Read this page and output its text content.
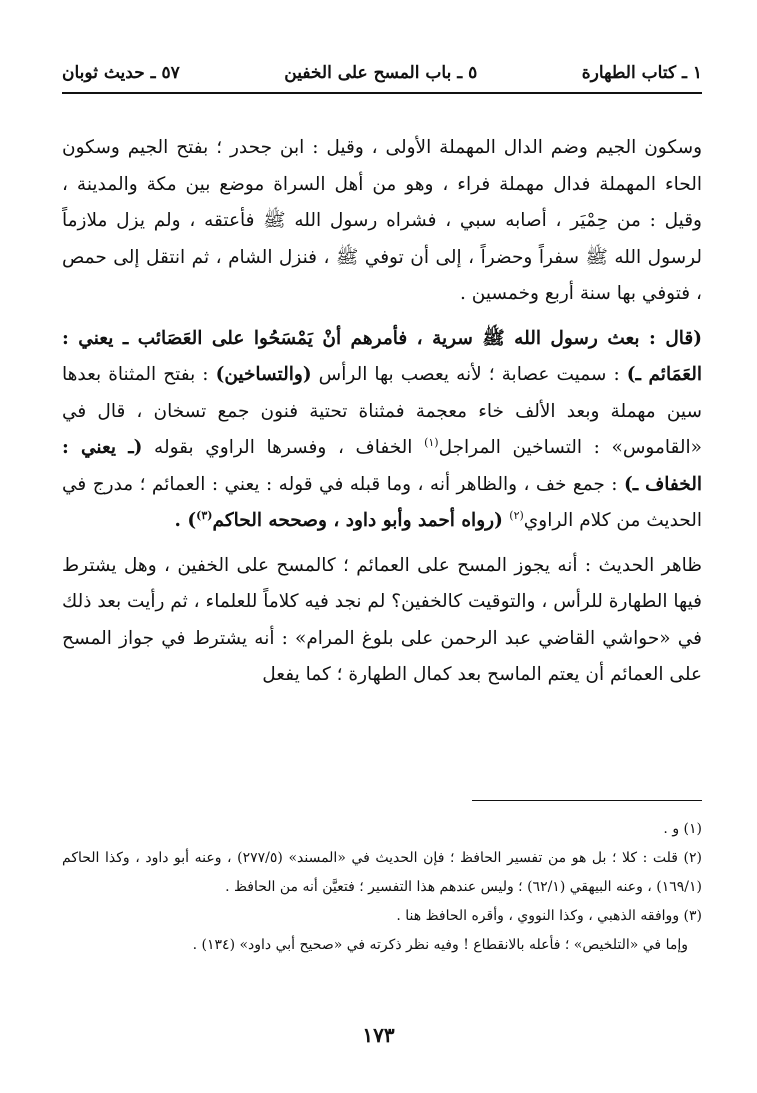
١ ـ كتاب الطهارة
٥ ـ باب المسح على الخفين
٥٧ ـ حديث ثوبان

وسكون الجيم وضم الدال المهملة الأولى ، وقيل : ابن جحدر ؛ بفتح الجيم وسكون الحاء المهملة فدال مهملة فراء ، وهو من أهل السراة موضع بين مكة والمدينة ، وقيل : من حِمْيَر ، أصابه سبي ، فشراه رسول الله ﷺ فأعتقه ، ولم يزل ملازماً لرسول الله ﷺ سفراً وحضراً ، إلى أن توفي ﷺ ، فنزل الشام ، ثم انتقل إلى حمص ، فتوفي بها سنة أربع وخمسين .

(قال : بعث رسول الله ﷺ سرية ، فأمرهم أنْ يَمْسَحُوا على العَصَائب ـ يعني : العَمَائم ـ) : سميت عصابة ؛ لأنه يعصب بها الرأس (والتساخين) : بفتح المثناة بعدها سين مهملة وبعد الألف خاء معجمة فمثناة تحتية فنون جمع تسخان ، قال في «القاموس» : التساخين المراجل$^{(١)}$ الخفاف ، وفسرها الراوي بقوله (ـ يعني : الخفاف ـ) : جمع خف ، والظاهر أنه ، وما قبله في قوله : يعني : العمائم ؛ مدرج في الحديث من كلام الراوي$^{(٢)}$ (رواه أحمد وأبو داود ، وصححه الحاكم$^{(٣)}$) .

ظاهر الحديث : أنه يجوز المسح على العمائم ؛ كالمسح على الخفين ، وهل يشترط فيها الطهارة للرأس ، والتوقيت كالخفين؟ لم نجد فيه كلاماً للعلماء ، ثم رأيت بعد ذلك في «حواشي القاضي عبد الرحمن على بلوغ المرام» : أنه يشترط في جواز المسح على العمائم أن يعتم الماسح بعد كمال الطهارة ؛ كما يفعل

(١) و .

(٢) قلت : كلا ؛ بل هو من تفسير الحافظ ؛ فإن الحديث في «المسند» (٢٧٧/٥) ، وعنه أبو داود ، وكذا الحاكم (١٦٩/١) ، وعنه البيهقي (٦٢/١) ؛ وليس عندهم هذا التفسير ؛ فتعيَّن أنه من الحافظ .

(٣) ووافقه الذهبي ، وكذا النووي ، وأقره الحافظ هنا .

وإما في «التلخيص» ؛ فأعله بالانقطاع ! وفيه نظر ذكرته في «صحيح أبي داود» (١٣٤) .

١٧٣
